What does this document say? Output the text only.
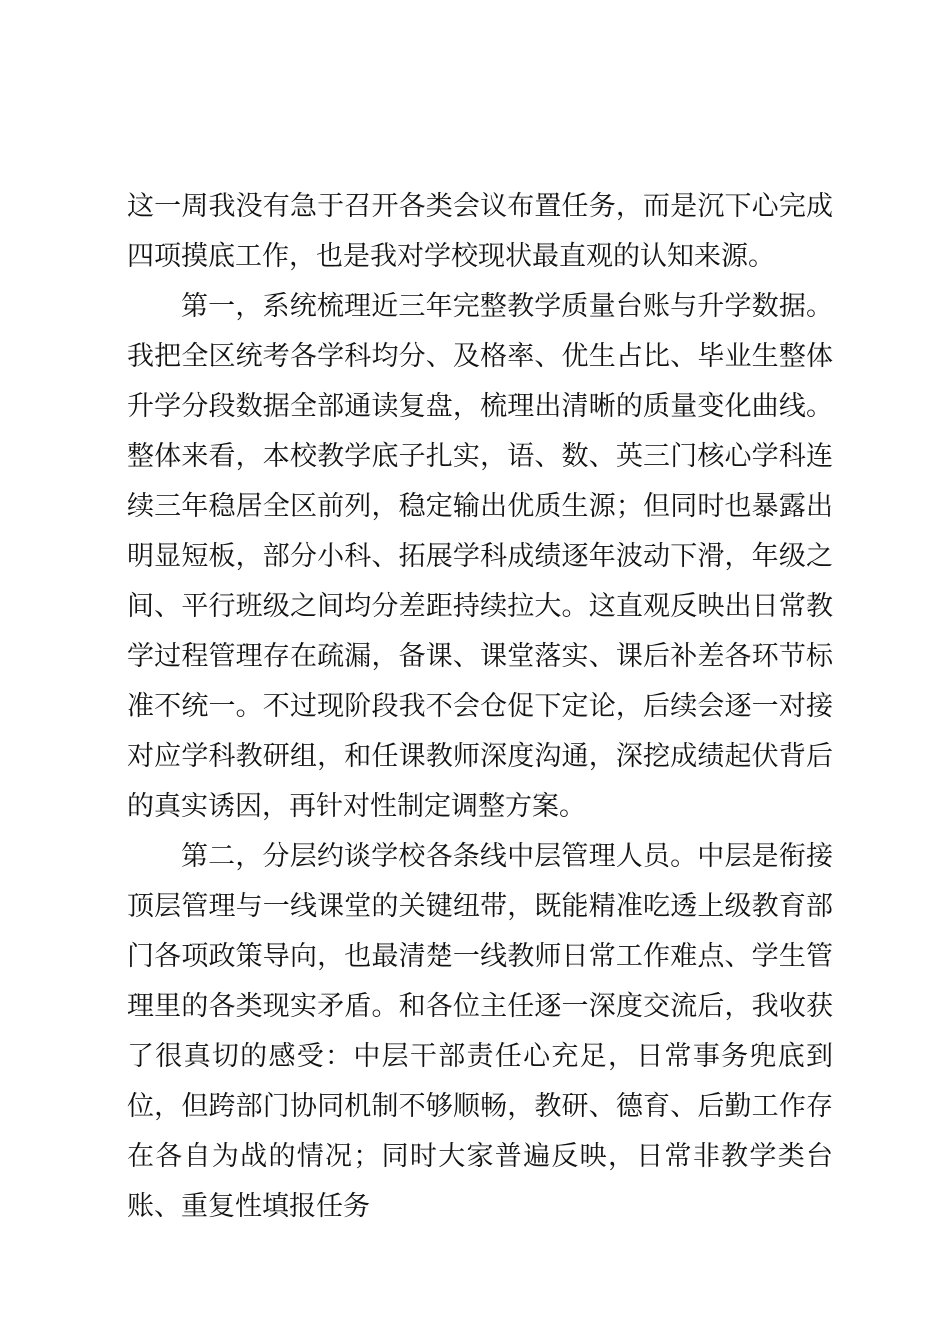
这一周我没有急于召开各类会议布置任务，而是沉下心完成四项摸底工作，也是我对学校现状最直观的认知来源。

第一，系统梳理近三年完整教学质量台账与升学数据。我把全区统考各学科均分、及格率、优生占比、毕业生整体升学分段数据全部通读复盘，梳理出清晰的质量变化曲线。整体来看，本校教学底子扎实，语、数、英三门核心学科连续三年稳居全区前列，稳定输出优质生源；但同时也暴露出明显短板，部分小科、拓展学科成绩逐年波动下滑，年级之间、平行班级之间均分差距持续拉大。这直观反映出日常教学过程管理存在疏漏，备课、课堂落实、课后补差各环节标准不统一。不过现阶段我不会仓促下定论，后续会逐一对接对应学科教研组，和任课教师深度沟通，深挖成绩起伏背后的真实诱因，再针对性制定调整方案。

第二，分层约谈学校各条线中层管理人员。中层是衔接顶层管理与一线课堂的关键纽带，既能精准吃透上级教育部门各项政策导向，也最清楚一线教师日常工作难点、学生管理里的各类现实矛盾。和各位主任逐一深度交流后，我收获了很真切的感受：中层干部责任心充足，日常事务兜底到位，但跨部门协同机制不够顺畅，教研、德育、后勤工作存在各自为战的情况；同时大家普遍反映，日常非教学类台账、重复性填报任务
